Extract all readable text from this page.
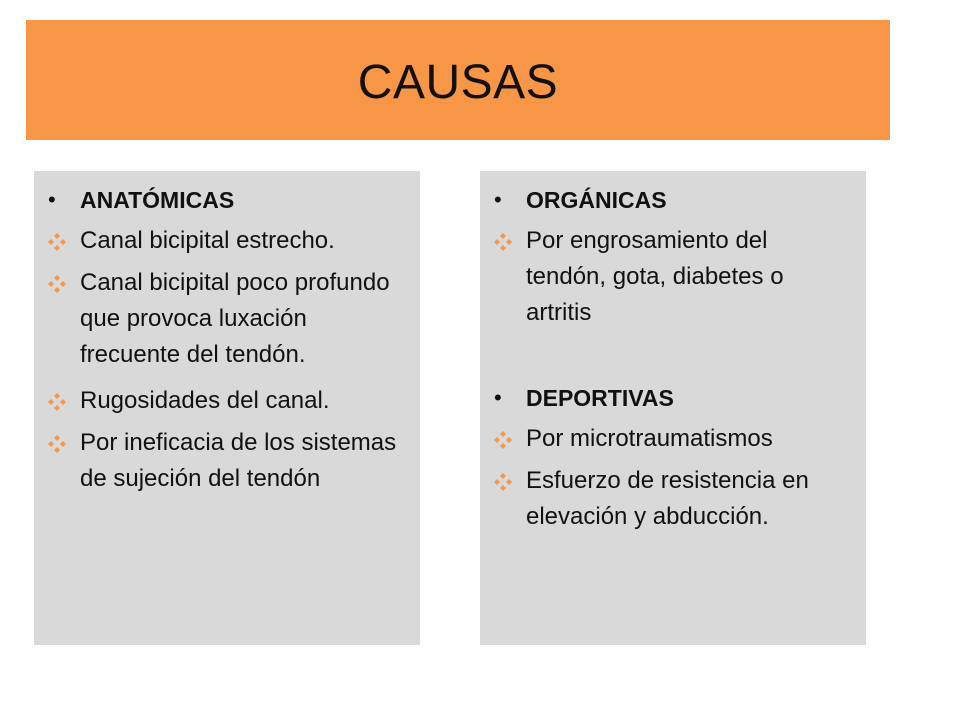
CAUSAS
•	ANATÓMICAS
Canal bicipital estrecho.
Canal bicipital poco profundo que provoca luxación frecuente del tendón.
Rugosidades del canal.
Por ineficacia de los sistemas de sujeción del tendón
•	ORGÁNICAS
Por engrosamiento del tendón, gota, diabetes o artritis
•	DEPORTIVAS
Por microtraumatismos
Esfuerzo de resistencia en elevación y abducción.
